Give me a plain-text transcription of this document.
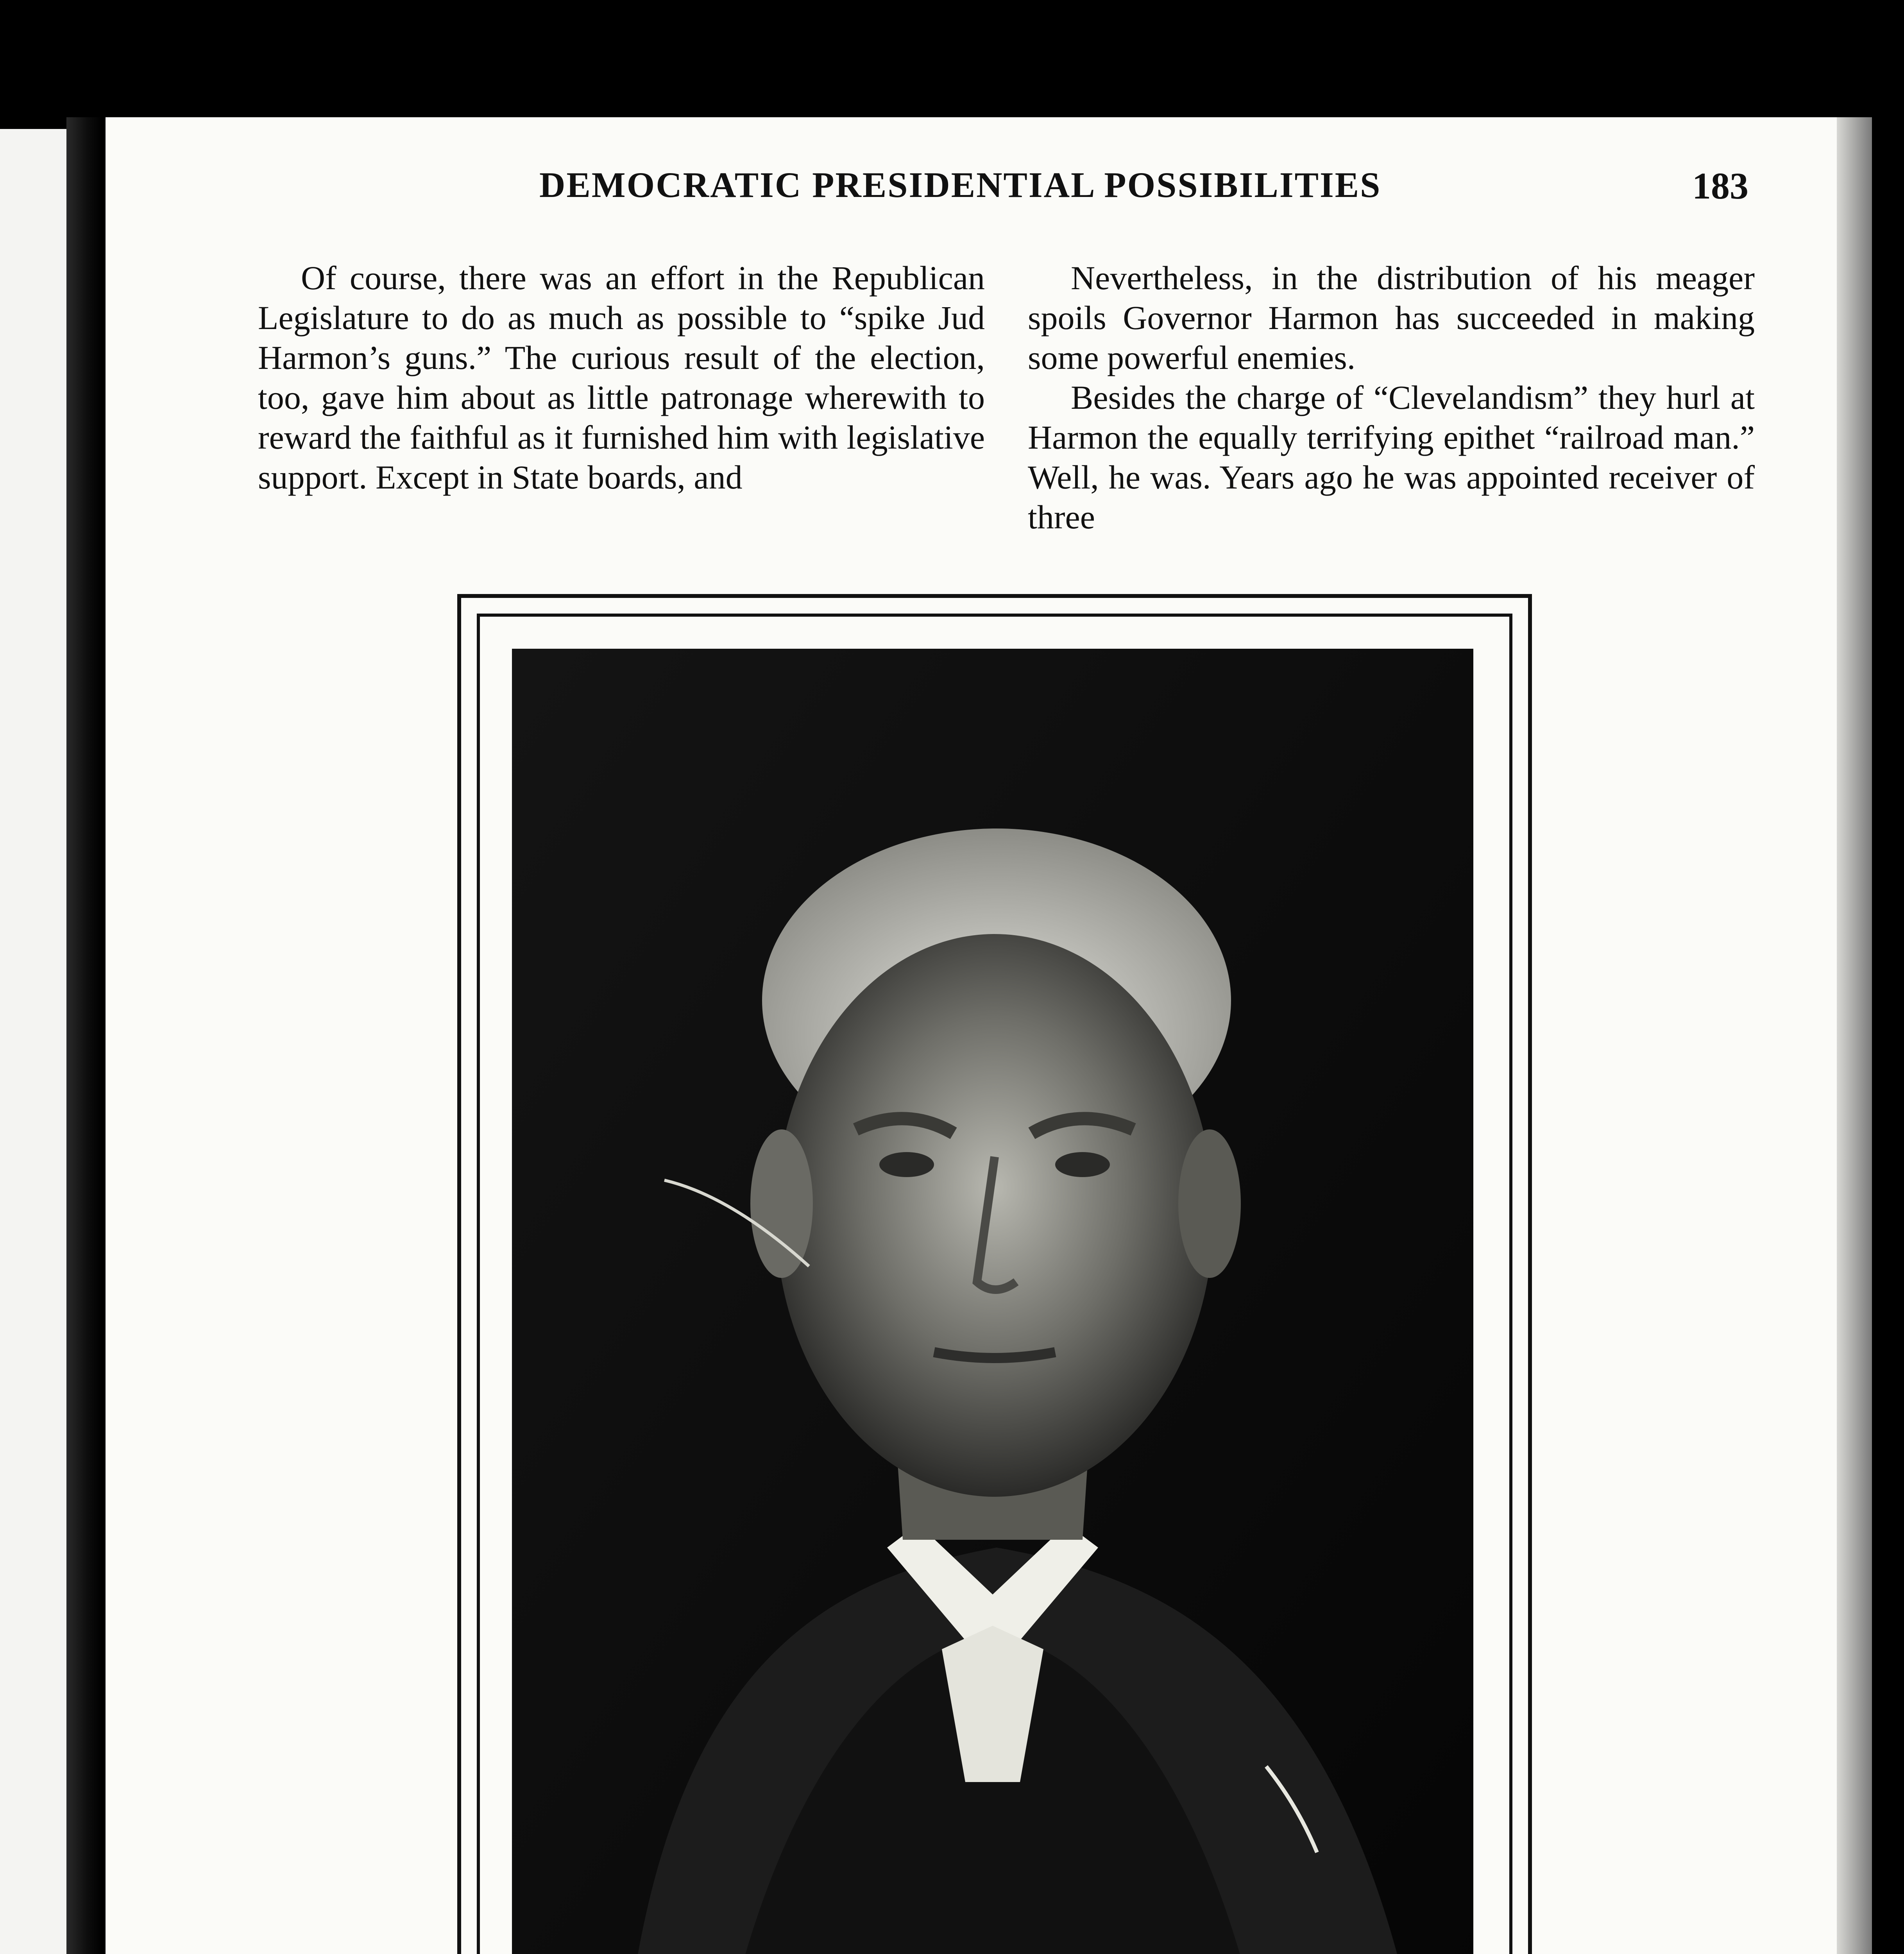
DEMOCRATIC PRESIDENTIAL POSSIBILITIES	183

Of course, there was an effort in the Republican Legislature to do as much as possible to “spike Jud Harmon’s guns.” The curious result of the election, too, gave him about as little patronage wherewith to reward the faithful as it furnished him with legislative support. Except in State boards, and

Nevertheless, in the distribution of his meager spoils Governor Harmon has succeeded in making some powerful enemies.

Besides the charge of “Clevelandism” they hurl at Harmon the equally terrifying epithet “railroad man.” Well, he was. Years ago he was appointed receiver of three
